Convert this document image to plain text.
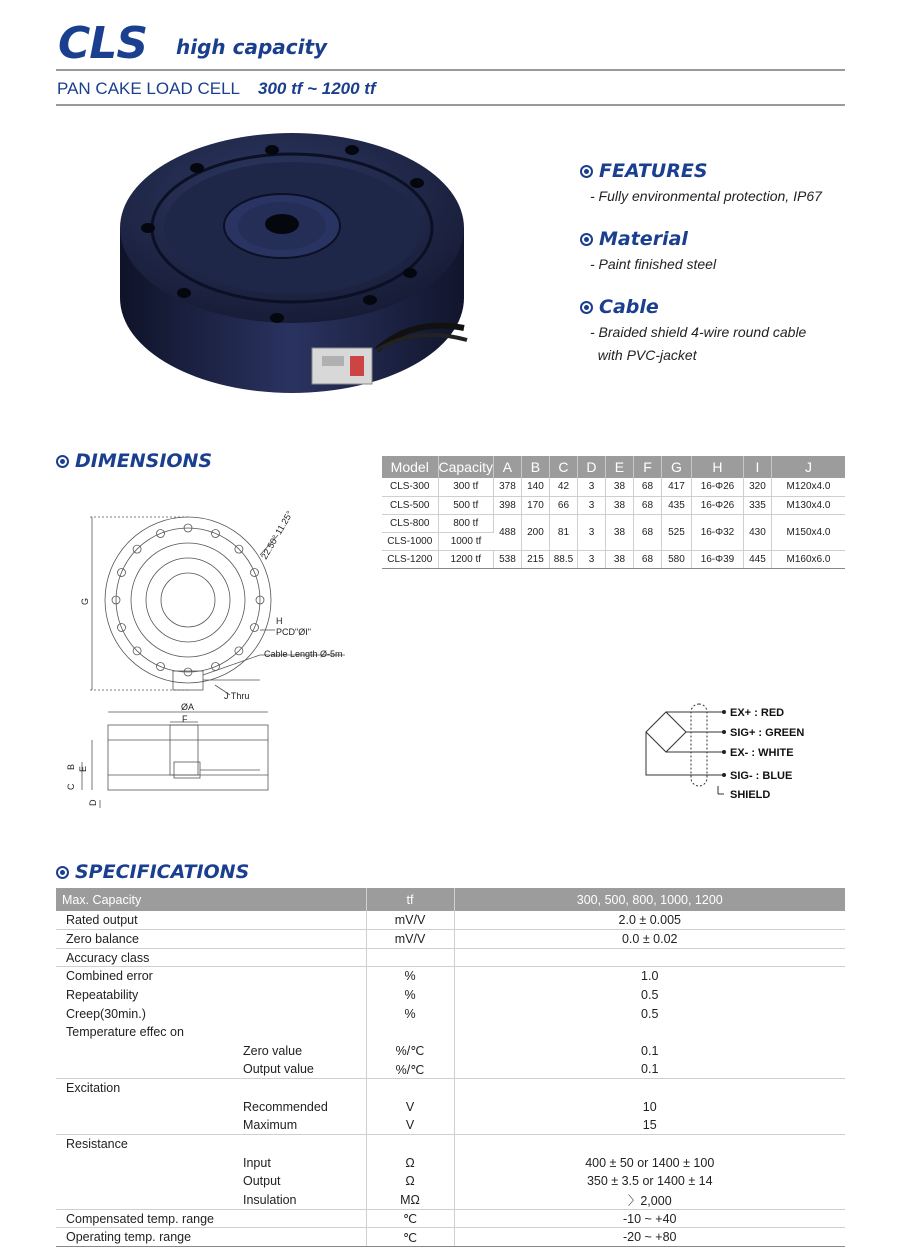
CLS high capacity
PAN CAKE LOAD CELL 300 tf ~ 1200 tf
FEATURES
- Fully environmental protection, IP67
Material
- Paint finished steel
Cable
- Braided shield 4-wire round cable
with PVC-jacket
DIMENSIONS	Model	Capacity	A	B	C	D	E	F	G	H	I	J
CLS-300	300 tf	378	140	42	3	38	68	417	16-Φ26	320	M120x4.0
CLS-500	500 tf	398	170	66	3	38	68	435	16-Φ26	335	M130x4.0
CLS-800	800 tf	488	200	81	3	38	68	525	16-Φ32	430	M150x4.0
CLS-1000	1000 tf										
CLS-1200	1200 tf	538	215	88.5	3	38	68	580	16-Φ39	445	M160x6.0
22.50° 11.25°
H
PCD"ØI"
Cable Length Ø-5m
J Thru
ØA
F
G
B E
C
D
EX+ : RED
SIG+ : GREEN
EX- : WHITE
SIG- : BLUE
SHIELD
SPECIFICATIONS
Max. Capacity	tf	300, 500, 800, 1000, 1200
Rated output	mV/V	2.0 ± 0.005
Zero balance	mV/V	0.0 ± 0.02
Accuracy class		
Combined error	%	1.0
Repeatability	%	0.5
Creep(30min.)	%	0.5
Temperature effec on		
Zero value	%/℃	0.1
Output value	%/℃	0.1
Excitation		
Recommended	V	10
Maximum	V	15
Resistance		
Input	Ω	400 ± 50 or 1400 ± 100
Output	Ω	350 ± 3.5 or 1400 ± 14
Insulation	MΩ	〉2,000
Compensated temp. range	℃	-10 ~ +40
Operating temp. range	℃	-20 ~ +80
